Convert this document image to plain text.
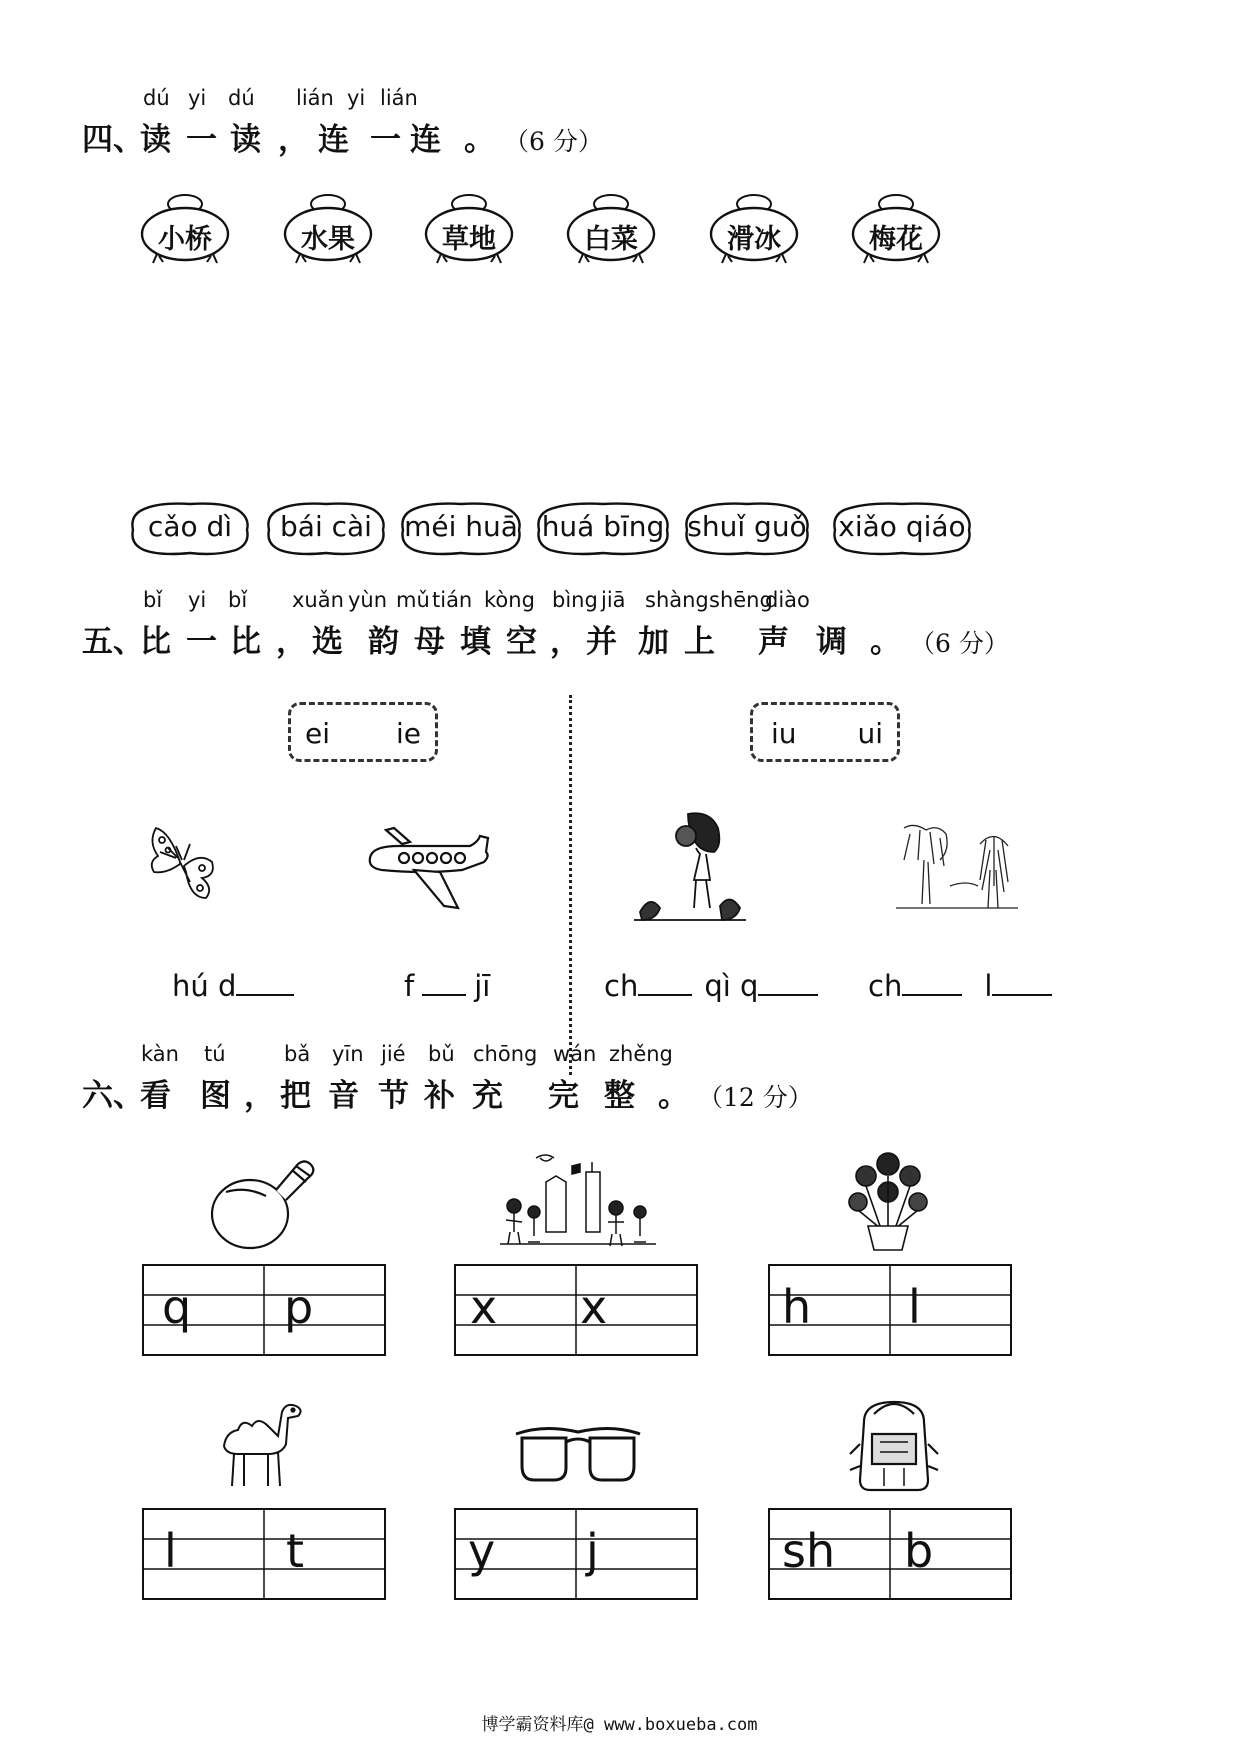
dú yi dú lián yi lián
四、读 一 读 ， 连 一 连 。 （6 分）
小桥	水果	草地	白菜	滑冰	梅花
cǎo dì	bái cài	méi huā huá bīng shuǐ guǒ xiǎo qiáo
bǐ yi bǐ xuǎn yùn mǔ tián kòng bìng jiā shàng shēng
diào
五、比 一 比 ， 选 韵 母 填 空 ， 并 加 上 声 调 。 （6 分）
ei ie	iu ui
hú d	f jī	ch qì q	ch	l
kàn tú	bǎ yīn jié bǔ chōng wán zhěng
六、看 图 ， 把 音 节 补 充 完 整 。 （12 分）
q p	x x	h l
l t	y j	sh b
博学霸资料库@ www.boxueba.com
